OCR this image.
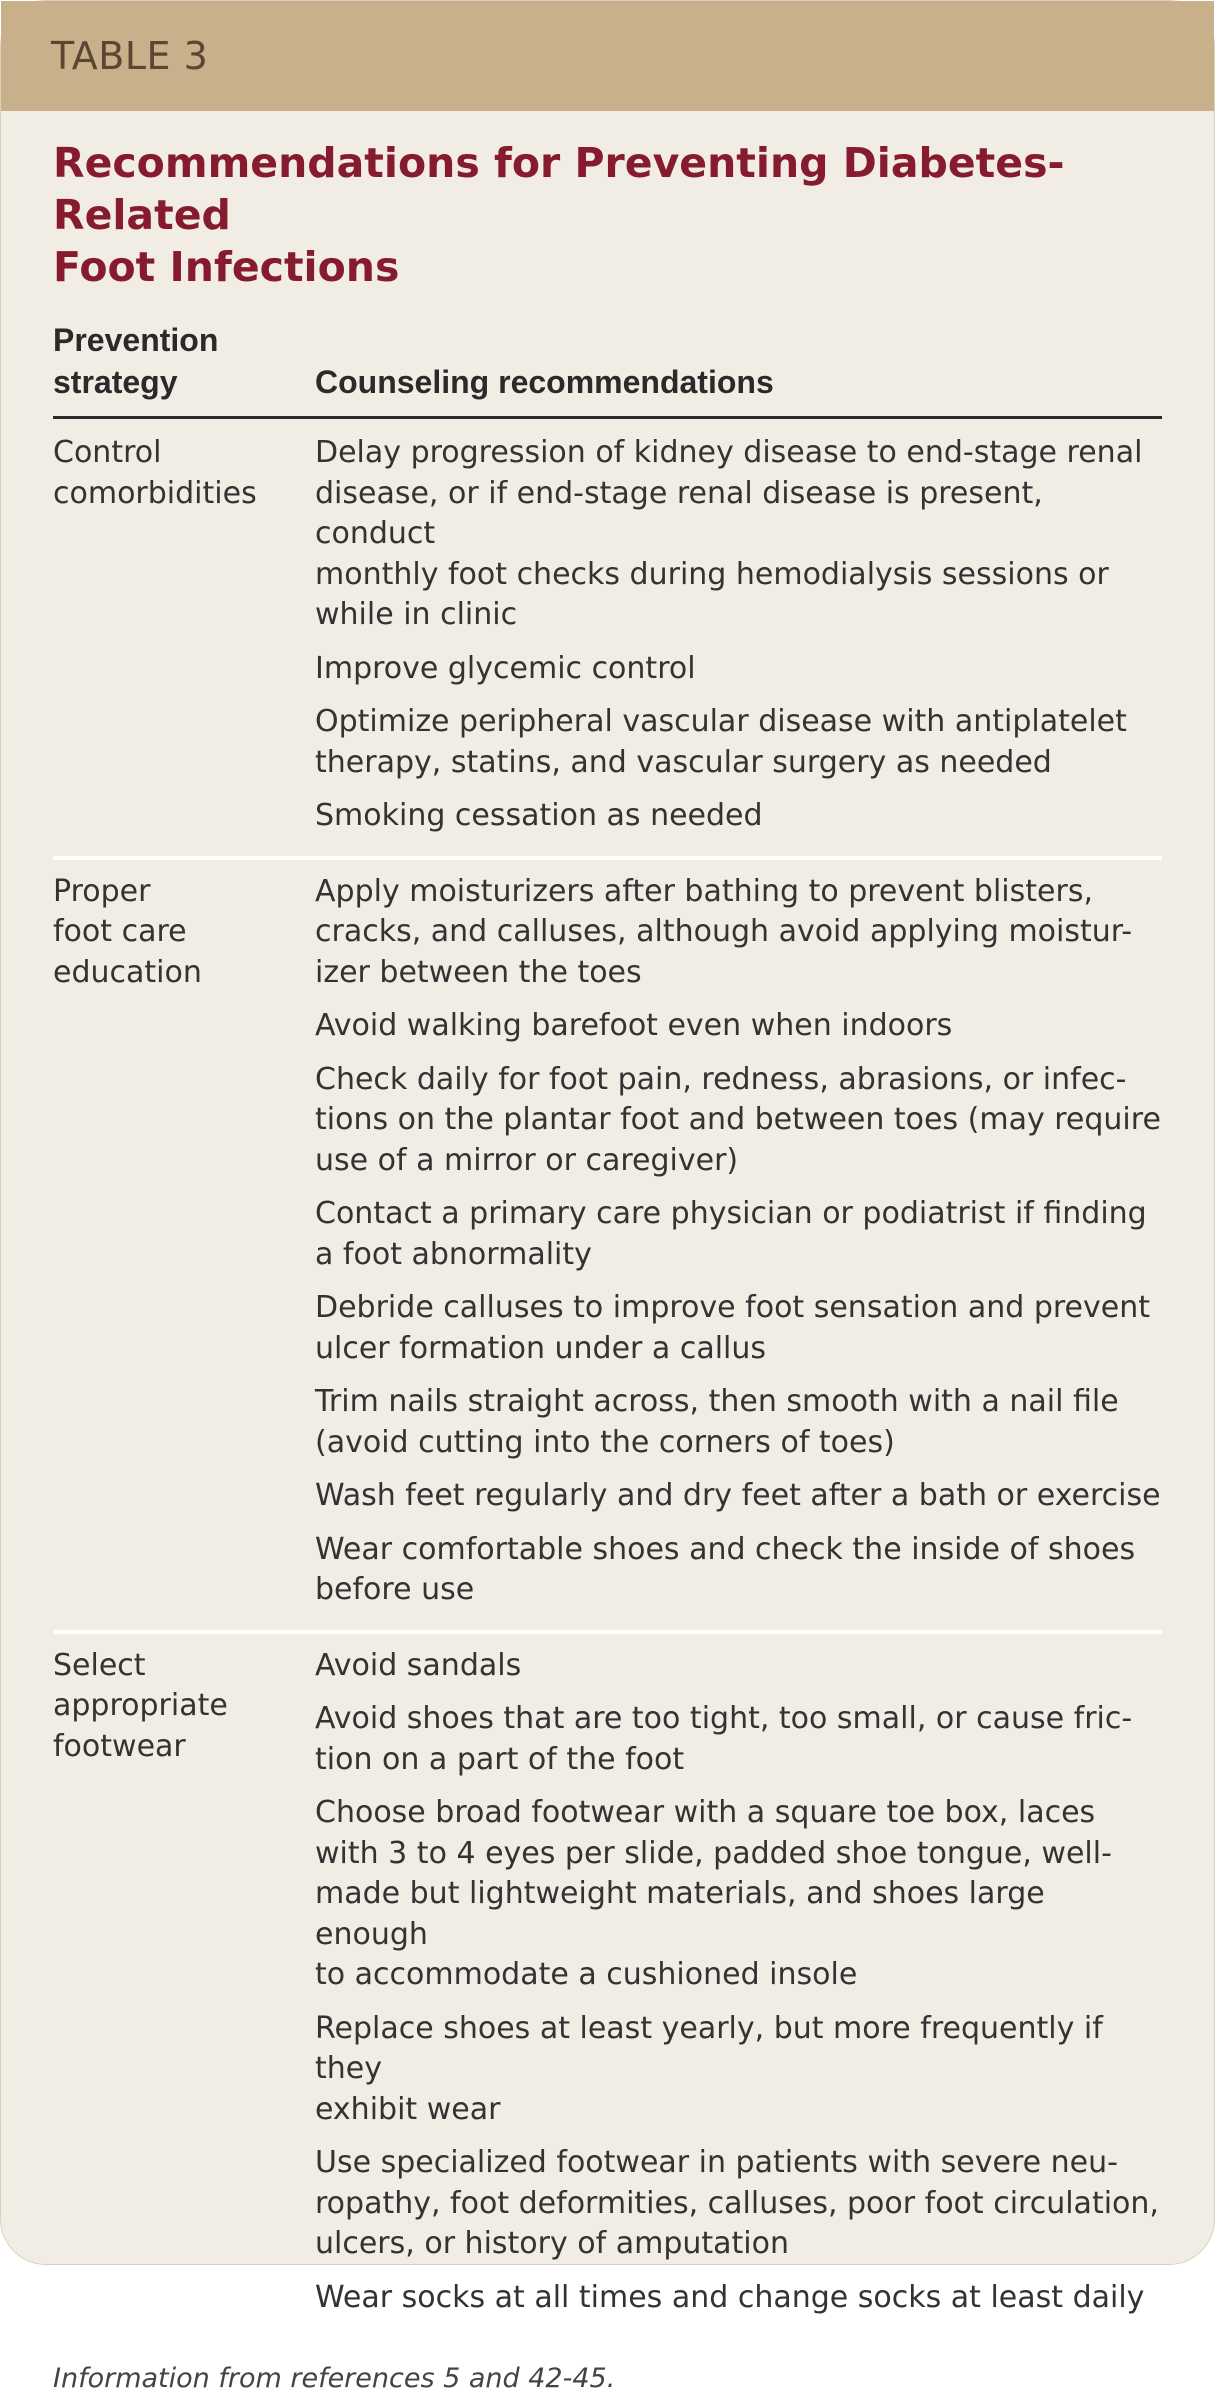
TABLE 3
Recommendations for Preventing Diabetes-Related
Foot Infections
Prevention
strategy	Counseling recommendations
Control
comorbidities
Delay progression of kidney disease to end-stage renal
disease, or if end-stage renal disease is present, conduct
monthly foot checks during hemodialysis sessions or
while in clinic
Improve glycemic control
Optimize peripheral vascular disease with antiplatelet
therapy, statins, and vascular surgery as needed
Smoking cessation as needed
Proper
foot care
education
Apply moisturizers after bathing to prevent blisters,
cracks, and calluses, although avoid applying moistur-
izer between the toes
Avoid walking barefoot even when indoors
Check daily for foot pain, redness, abrasions, or infec-
tions on the plantar foot and between toes (may require
use of a mirror or caregiver)
Contact a primary care physician or podiatrist if finding
a foot abnormality
Debride calluses to improve foot sensation and prevent
ulcer formation under a callus
Trim nails straight across, then smooth with a nail file
(avoid cutting into the corners of toes)
Wash feet regularly and dry feet after a bath or exercise
Wear comfortable shoes and check the inside of shoes
before use
Select
appropriate
footwear
Avoid sandals
Avoid shoes that are too tight, too small, or cause fric-
tion on a part of the foot
Choose broad footwear with a square toe box, laces
with 3 to 4 eyes per slide, padded shoe tongue, well-
made but lightweight materials, and shoes large enough
to accommodate a cushioned insole
Replace shoes at least yearly, but more frequently if they
exhibit wear
Use specialized footwear in patients with severe neu-
ropathy, foot deformities, calluses, poor foot circulation,
ulcers, or history of amputation
Wear socks at all times and change socks at least daily
Information from references 5 and 42-45.
